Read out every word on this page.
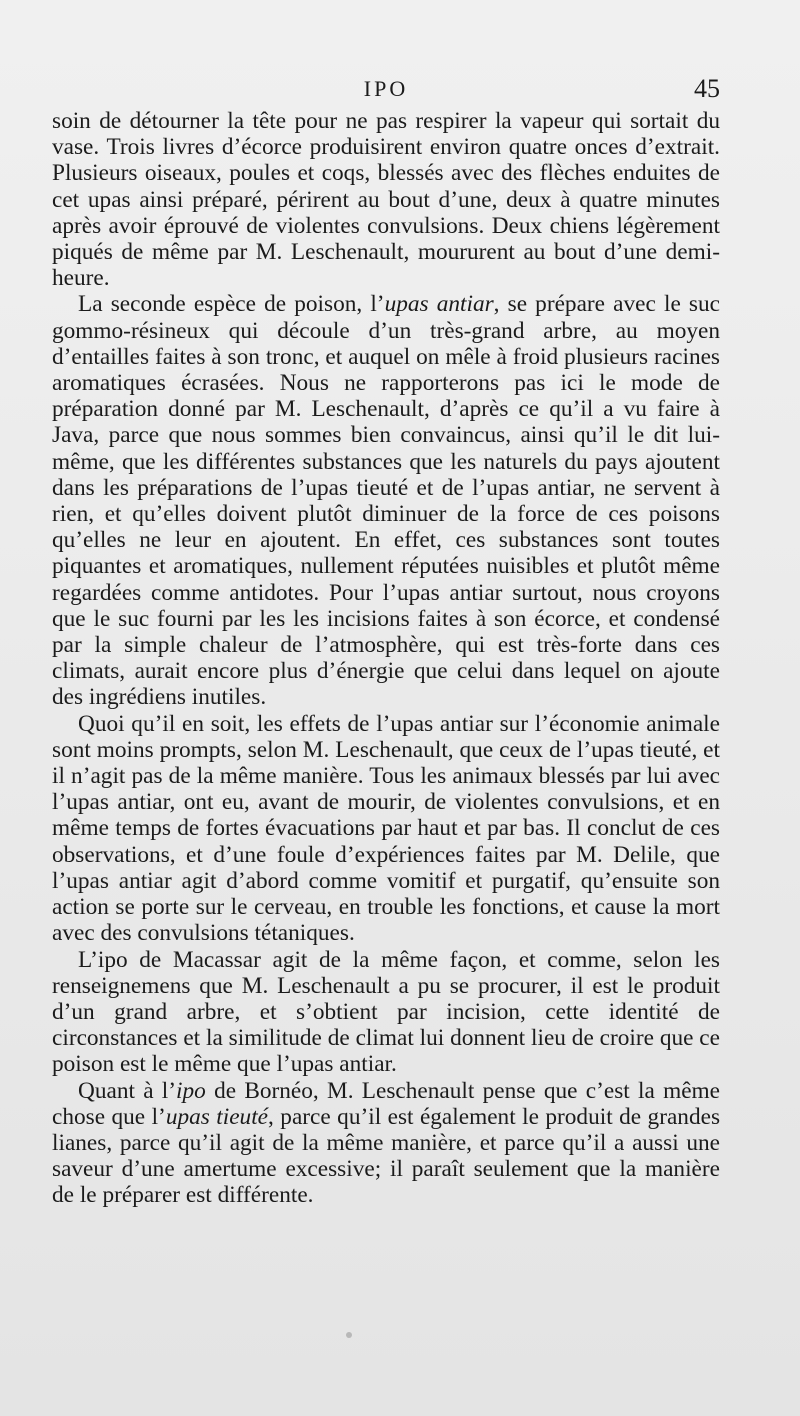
IPO	45

soin de détourner la tête pour ne pas respirer la vapeur qui sortait du vase. Trois livres d’écorce produisirent environ quatre onces d’extrait. Plusieurs oiseaux, poules et coqs, blessés avec des flèches enduites de cet upas ainsi préparé, périrent au bout d’une, deux à quatre minutes après avoir éprouvé de violentes convulsions. Deux chiens légèrement piqués de même par M. Leschenault, moururent au bout d’une demi-heure.

La seconde espèce de poison, l’upas antiar, se prépare avec le suc gommo-résineux qui découle d’un très-grand arbre, au moyen d’entailles faites à son tronc, et auquel on mêle à froid plusieurs racines aromatiques écrasées. Nous ne rapporterons pas ici le mode de préparation donné par M. Leschenault, d’après ce qu’il a vu faire à Java, parce que nous sommes bien convaincus, ainsi qu’il le dit lui-même, que les différentes substances que les naturels du pays ajoutent dans les préparations de l’upas tieuté et de l’upas antiar, ne servent à rien, et qu’elles doivent plutôt diminuer de la force de ces poisons qu’elles ne leur en ajoutent. En effet, ces substances sont toutes piquantes et aromatiques, nullement réputées nuisibles et plutôt même regardées comme antidotes. Pour l’upas antiar surtout, nous croyons que le suc fourni par les les incisions faites à son écorce, et condensé par la simple chaleur de l’atmosphère, qui est très-forte dans ces climats, aurait encore plus d’énergie que celui dans lequel on ajoute des ingrédiens inutiles.

Quoi qu’il en soit, les effets de l’upas antiar sur l’économie animale sont moins prompts, selon M. Leschenault, que ceux de l’upas tieuté, et il n’agit pas de la même manière. Tous les animaux blessés par lui avec l’upas antiar, ont eu, avant de mourir, de violentes convulsions, et en même temps de fortes évacuations par haut et par bas. Il conclut de ces observations, et d’une foule d’expériences faites par M. Delile, que l’upas antiar agit d’abord comme vomitif et purgatif, qu’ensuite son action se porte sur le cerveau, en trouble les fonctions, et cause la mort avec des convulsions tétaniques.

L’ipo de Macassar agit de la même façon, et comme, selon les renseignemens que M. Leschenault a pu se procurer, il est le produit d’un grand arbre, et s’obtient par incision, cette identité de circonstances et la similitude de climat lui donnent lieu de croire que ce poison est le même que l’upas antiar.

Quant à l’ipo de Bornéo, M. Leschenault pense que c’est la même chose que l’upas tieuté, parce qu’il est également le produit de grandes lianes, parce qu’il agit de la même manière, et parce qu’il a aussi une saveur d’une amertume excessive; il paraît seulement que la manière de le préparer est différente.
